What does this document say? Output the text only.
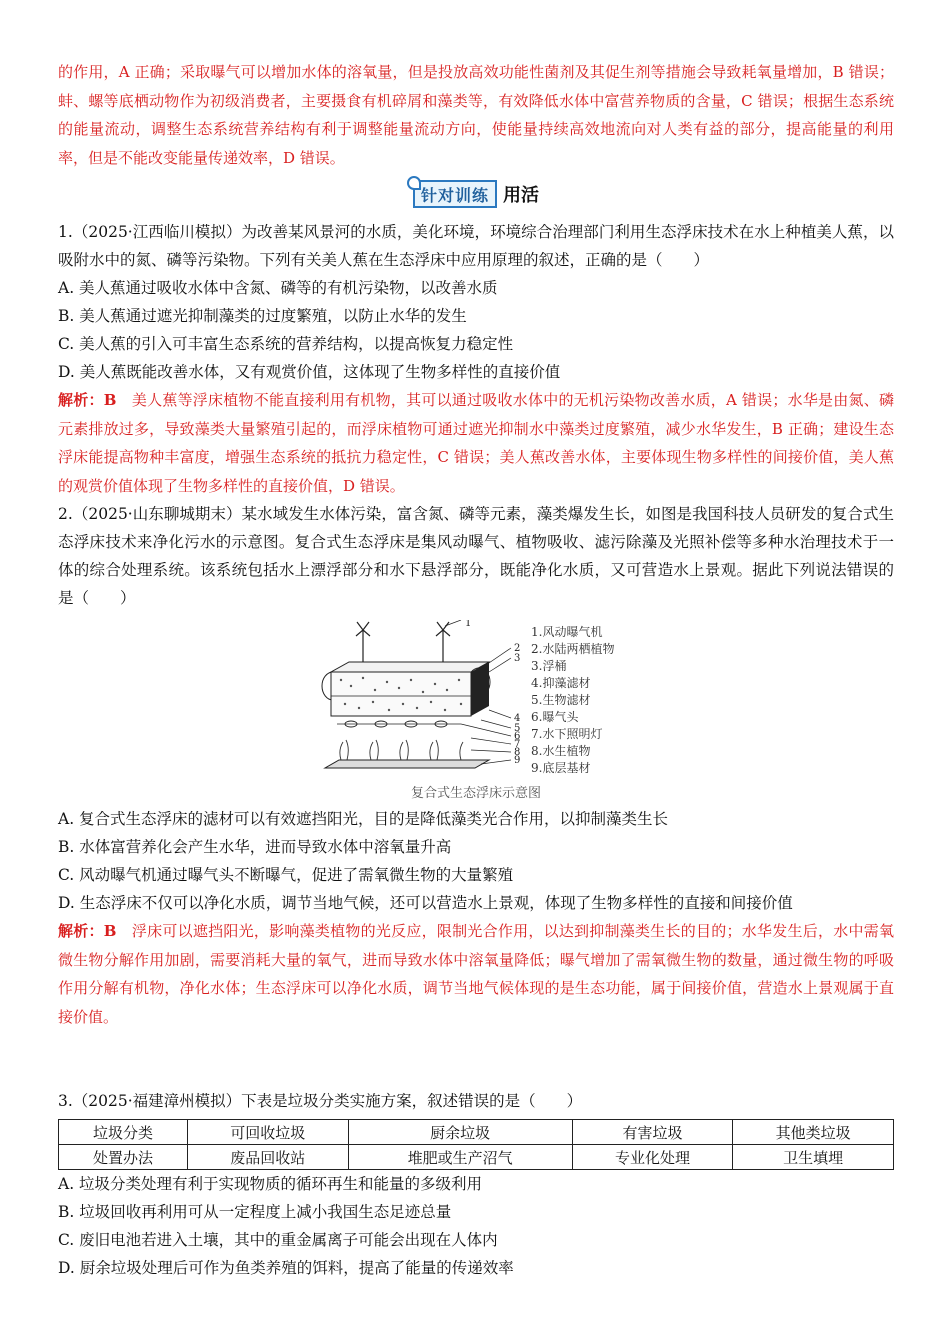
的作用，A 正确；采取曝气可以增加水体的溶氧量，但是投放高效功能性菌剂及其促生剂等措施会导致耗氧量增加，B 错误；蚌、螺等底栖动物作为初级消费者，主要摄食有机碎屑和藻类等，有效降低水体中富营养物质的含量，C 错误；根据生态系统的能量流动，调整生态系统营养结构有利于调整能量流动方向，使能量持续高效地流向对人类有益的部分，提高能量的利用率，但是不能改变能量传递效率，D 错误。

针对训练 用活

1.（2025·江西临川模拟）为改善某风景河的水质，美化环境，环境综合治理部门利用生态浮床技术在水上种植美人蕉，以吸附水中的氮、磷等污染物。下列有关美人蕉在生态浮床中应用原理的叙述，正确的是（　　）

A. 美人蕉通过吸收水体中含氮、磷等的有机污染物，以改善水质

B. 美人蕉通过遮光抑制藻类的过度繁殖，以防止水华的发生

C. 美人蕉的引入可丰富生态系统的营养结构，以提高恢复力稳定性

D. 美人蕉既能改善水体，又有观赏价值，这体现了生物多样性的直接价值

解析：B　美人蕉等浮床植物不能直接利用有机物，其可以通过吸收水体中的无机污染物改善水质，A 错误；水华是由氮、磷元素排放过多，导致藻类大量繁殖引起的，而浮床植物可通过遮光抑制水中藻类过度繁殖，减少水华发生，B 正确；建设生态浮床能提高物种丰富度，增强生态系统的抵抗力稳定性，C 错误；美人蕉改善水体，主要体现生物多样性的间接价值，美人蕉的观赏价值体现了生物多样性的直接价值，D 错误。

2.（2025·山东聊城期末）某水域发生水体污染，富含氮、磷等元素，藻类爆发生长，如图是我国科技人员研发的复合式生态浮床技术来净化污水的示意图。复合式生态浮床是集风动曝气、植物吸收、滤污除藻及光照补偿等多种水治理技术于一体的综合处理系统。该系统包括水上漂浮部分和水下悬浮部分，既能净化水质，又可营造水上景观。据此下列说法错误的是（　　）

1
2
3
4
5
6
7
8
9
1.风动曝气机
2.水陆两栖植物
3.浮桶
4.抑藻滤材
5.生物滤材
6.曝气头
7.水下照明灯
8.水生植物
9.底层基材

复合式生态浮床示意图

A. 复合式生态浮床的滤材可以有效遮挡阳光，目的是降低藻类光合作用，以抑制藻类生长

B. 水体富营养化会产生水华，进而导致水体中溶氧量升高

C. 风动曝气机通过曝气头不断曝气，促进了需氧微生物的大量繁殖

D. 生态浮床不仅可以净化水质，调节当地气候，还可以营造水上景观，体现了生物多样性的直接和间接价值

解析：B　浮床可以遮挡阳光，影响藻类植物的光反应，限制光合作用，以达到抑制藻类生长的目的；水华发生后，水中需氧微生物分解作用加剧，需要消耗大量的氧气，进而导致水体中溶氧量降低；曝气增加了需氧微生物的数量，通过微生物的呼吸作用分解有机物，净化水体；生态浮床可以净化水质，调节当地气候体现的是生态功能，属于间接价值，营造水上景观属于直接价值。

3.（2025·福建漳州模拟）下表是垃圾分类实施方案，叙述错误的是（　　）

垃圾分类	可回收垃圾	厨余垃圾	有害垃圾	其他类垃圾
处置办法	废品回收站	堆肥或生产沼气	专业化处理	卫生填埋

A. 垃圾分类处理有利于实现物质的循环再生和能量的多级利用

B. 垃圾回收再利用可从一定程度上减小我国生态足迹总量

C. 废旧电池若进入土壤，其中的重金属离子可能会出现在人体内

D. 厨余垃圾处理后可作为鱼类养殖的饵料，提高了能量的传递效率
